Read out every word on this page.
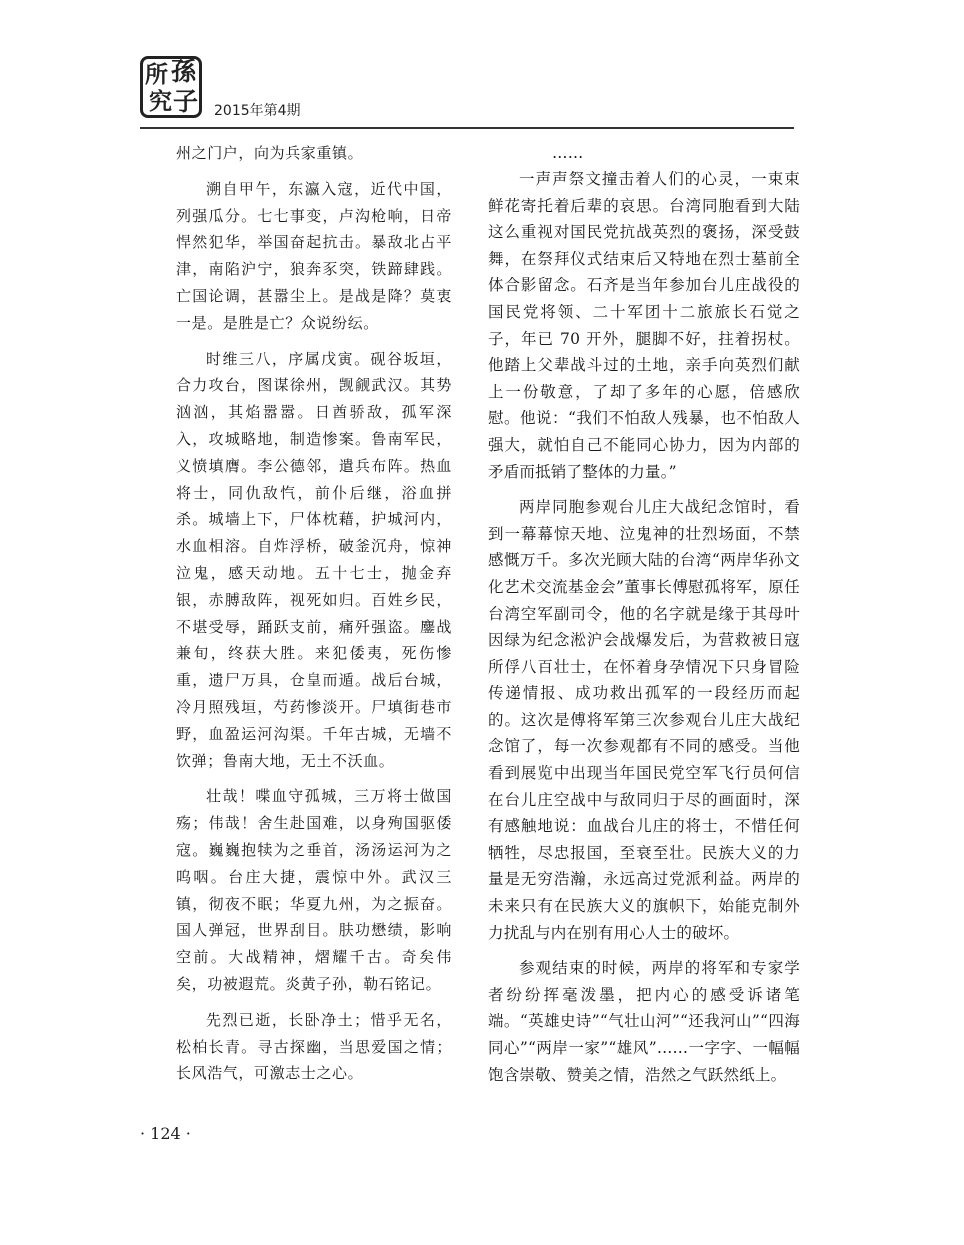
所 孫
究 子 2015年第4期

州之门户，向为兵家重镇。

溯自甲午，东瀛入寇，近代中国，列强瓜分。七七事变，卢沟枪响，日帝悍然犯华，举国奋起抗击。暴敌北占平津，南陷沪宁，狼奔豕突，铁蹄肆践。亡国论调，甚嚣尘上。是战是降？莫衷一是。是胜是亡？众说纷纭。

时维三八，序属戊寅。砚谷坂垣，合力攻台，图谋徐州，觊觎武汉。其势汹汹，其焰嚣嚣。日酋骄敌，孤军深入，攻城略地，制造惨案。鲁南军民，义愤填膺。李公德邻，遣兵布阵。热血将士，同仇敌忾，前仆后继，浴血拼杀。城墙上下，尸体枕藉，护城河内，水血相溶。自炸浮桥，破釜沉舟，惊神泣鬼，感天动地。五十七士，抛金弃银，赤膊敌阵，视死如归。百姓乡民，不堪受辱，踊跃支前，痛歼强盗。鏖战兼旬，终获大胜。来犯倭夷，死伤惨重，遗尸万具，仓皇而遁。战后台城，冷月照残垣，芍药惨淡开。尸填街巷市野，血盈运河沟渠。千年古城，无墙不饮弹；鲁南大地，无土不沃血。

壮哉！喋血守孤城，三万将士做国殇；伟哉！舍生赴国难，以身殉国驱倭寇。巍巍抱犊为之垂首，汤汤运河为之呜咽。台庄大捷，震惊中外。武汉三镇，彻夜不眠；华夏九州，为之振奋。国人弹冠，世界刮目。肤功懋绩，影响空前。大战精神，熠耀千古。奇矣伟矣，功被遐荒。炎黄子孙，勒石铭记。

先烈已逝，长卧净土；惜乎无名，松柏长青。寻古探幽，当思爱国之情；长风浩气，可激志士之心。

……

一声声祭文撞击着人们的心灵，一束束鲜花寄托着后辈的哀思。台湾同胞看到大陆这么重视对国民党抗战英烈的褒扬，深受鼓舞，在祭拜仪式结束后又特地在烈士墓前全体合影留念。石齐是当年参加台儿庄战役的国民党将领、二十军团十二旅旅长石觉之子，年已 70 开外，腿脚不好，拄着拐杖。他踏上父辈战斗过的土地，亲手向英烈们献上一份敬意，了却了多年的心愿，倍感欣慰。他说：“我们不怕敌人残暴，也不怕敌人强大，就怕自己不能同心协力，因为内部的矛盾而抵销了整体的力量。”

两岸同胞参观台儿庄大战纪念馆时，看到一幕幕惊天地、泣鬼神的壮烈场面，不禁感慨万千。多次光顾大陆的台湾“两岸华孙文化艺术交流基金会”董事长傅慰孤将军，原任台湾空军副司令，他的名字就是缘于其母叶因绿为纪念淞沪会战爆发后，为营救被日寇所俘八百壮士，在怀着身孕情况下只身冒险传递情报、成功救出孤军的一段经历而起的。这次是傅将军第三次参观台儿庄大战纪念馆了，每一次参观都有不同的感受。当他看到展览中出现当年国民党空军飞行员何信在台儿庄空战中与敌同归于尽的画面时，深有感触地说：血战台儿庄的将士，不惜任何牺牲，尽忠报国，至衰至壮。民族大义的力量是无穷浩瀚，永远高过党派利益。两岸的未来只有在民族大义的旗帜下，始能克制外力扰乱与内在别有用心人士的破坏。

参观结束的时候，两岸的将军和专家学者纷纷挥毫泼墨，把内心的感受诉诸笔端。“英雄史诗”“气壮山河”“还我河山”“四海同心”“两岸一家”“雄风”……一字字、一幅幅饱含崇敬、赞美之情，浩然之气跃然纸上。

· 124 ·
